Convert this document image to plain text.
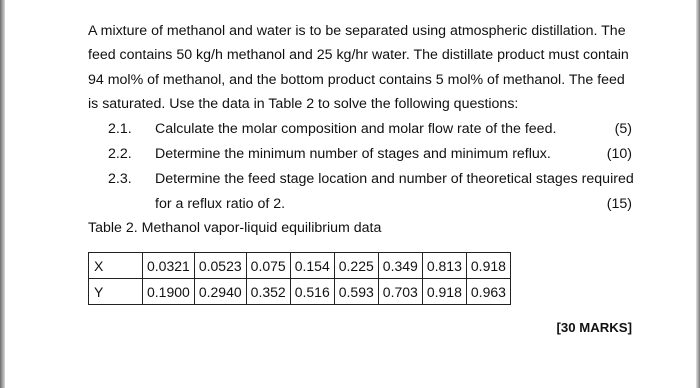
A mixture of methanol and water is to be separated using atmospheric distillation. The
feed contains 50 kg/h methanol and 25 kg/hr water. The distillate product must contain
94 mol% of methanol, and the bottom product contains 5 mol% of methanol. The feed
is saturated. Use the data in Table 2 to solve the following questions:
2.1. Calculate the molar composition and molar flow rate of the feed.	(5)
2.2. Determine the minimum number of stages and minimum reflux.	(10)
2.3. Determine the feed stage location and number of theoretical stages required
for a reflux ratio of 2.	(15)
Table 2. Methanol vapor-liquid equilibrium data
X	0.0321	0.0523	0.075	0.154	0.225	0.349	0.813	0.918
Y	0.1900	0.2940	0.352	0.516	0.593	0.703	0.918	0.963
[30 MARKS]
